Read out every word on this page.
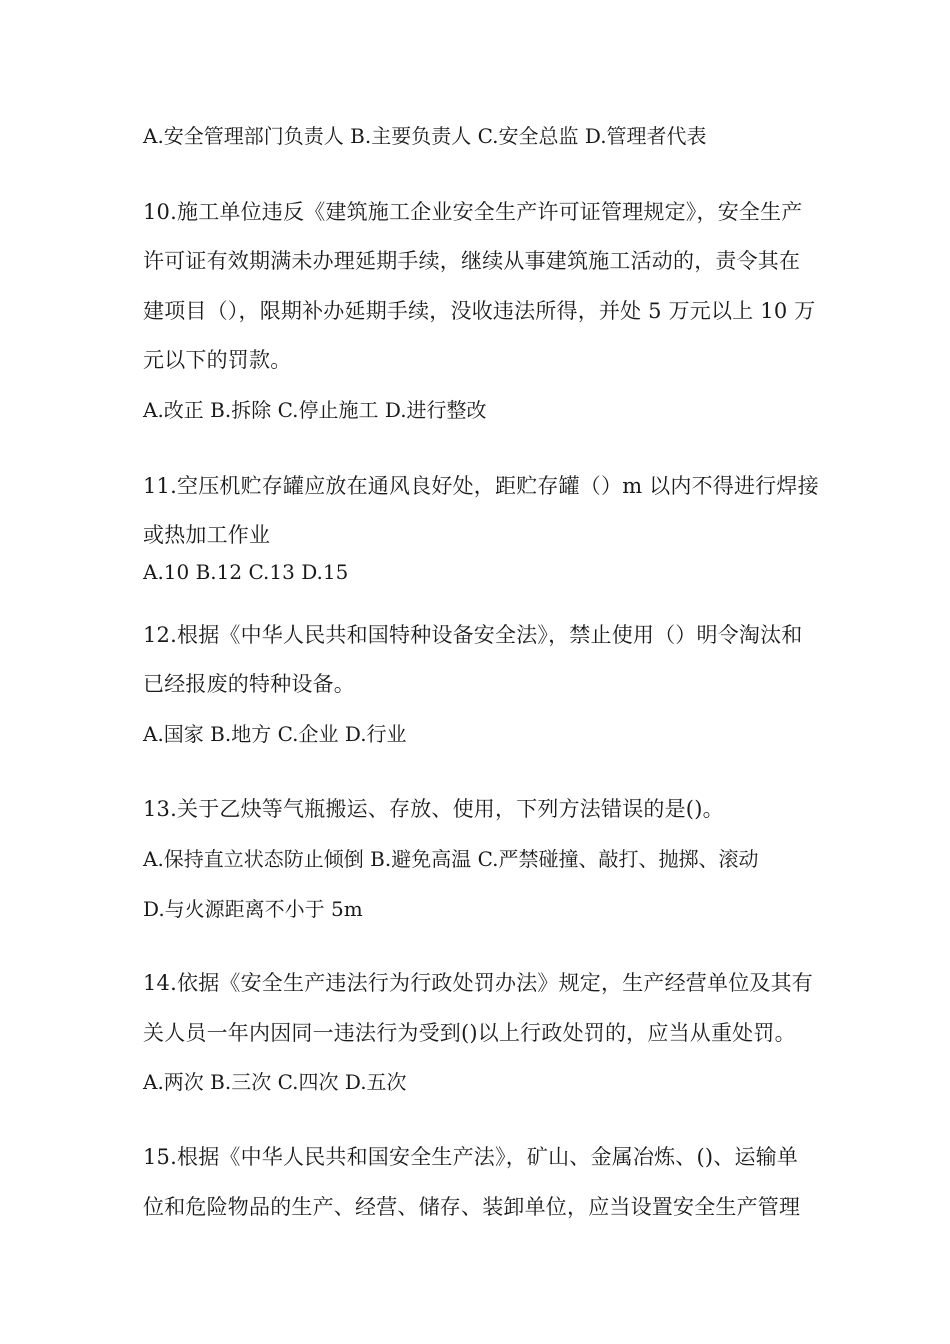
A.安全管理部门负责人 B.主要负责人 C.安全总监 D.管理者代表
10.施工单位违反《建筑施工企业安全生产许可证管理规定》，安全生产
许可证有效期满未办理延期手续，继续从事建筑施工活动的，责令其在
建项目（），限期补办延期手续，没收违法所得，并处 5 万元以上 10 万
元以下的罚款。
A.改正 B.拆除 C.停止施工 D.进行整改
11.空压机贮存罐应放在通风良好处，距贮存罐（）m 以内不得进行焊接
或热加工作业
A.10 B.12 C.13 D.15
12.根据《中华人民共和国特种设备安全法》，禁止使用（）明令淘汰和
已经报废的特种设备。
A.国家 B.地方 C.企业 D.行业
13.关于乙炔等气瓶搬运、存放、使用，下列方法错误的是()。
A.保持直立状态防止倾倒 B.避免高温 C.严禁碰撞、敲打、抛掷、滚动
D.与火源距离不小于 5m
14.依据《安全生产违法行为行政处罚办法》规定，生产经营单位及其有
关人员一年内因同一违法行为受到()以上行政处罚的，应当从重处罚。
A.两次 B.三次 C.四次 D.五次
15.根据《中华人民共和国安全生产法》，矿山、金属冶炼、()、运输单
位和危险物品的生产、经营、储存、装卸单位，应当设置安全生产管理
